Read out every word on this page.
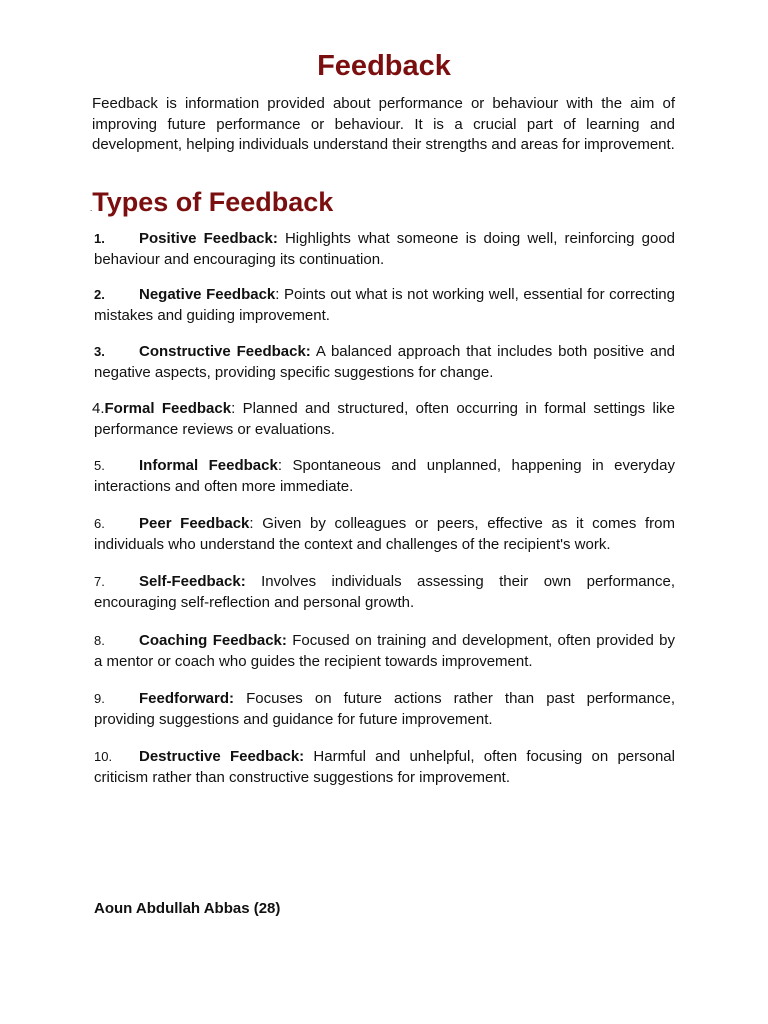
Feedback

Feedback is information provided about performance or behaviour with the aim of improving future performance or behaviour. It is a crucial part of learning and development, helping individuals understand their strengths and areas for improvement.

.Types of Feedback

1. Positive Feedback: Highlights what someone is doing well, reinforcing good behaviour and encouraging its continuation.

2. Negative Feedback: Points out what is not working well, essential for correcting mistakes and guiding improvement.

3. Constructive Feedback: A balanced approach that includes both positive and negative aspects, providing specific suggestions for change.

4.Formal Feedback: Planned and structured, often occurring in formal settings like performance reviews or evaluations.

5. Informal Feedback: Spontaneous and unplanned, happening in everyday interactions and often more immediate.

6. Peer Feedback: Given by colleagues or peers, effective as it comes from individuals who understand the context and challenges of the recipient's work.

7. Self-Feedback: Involves individuals assessing their own performance, encouraging self-reflection and personal growth.

8. Coaching Feedback: Focused on training and development, often provided by a mentor or coach who guides the recipient towards improvement.

9. Feedforward: Focuses on future actions rather than past performance, providing suggestions and guidance for future improvement.

10. Destructive Feedback: Harmful and unhelpful, often focusing on personal criticism rather than constructive suggestions for improvement.

Aoun Abdullah Abbas (28)
